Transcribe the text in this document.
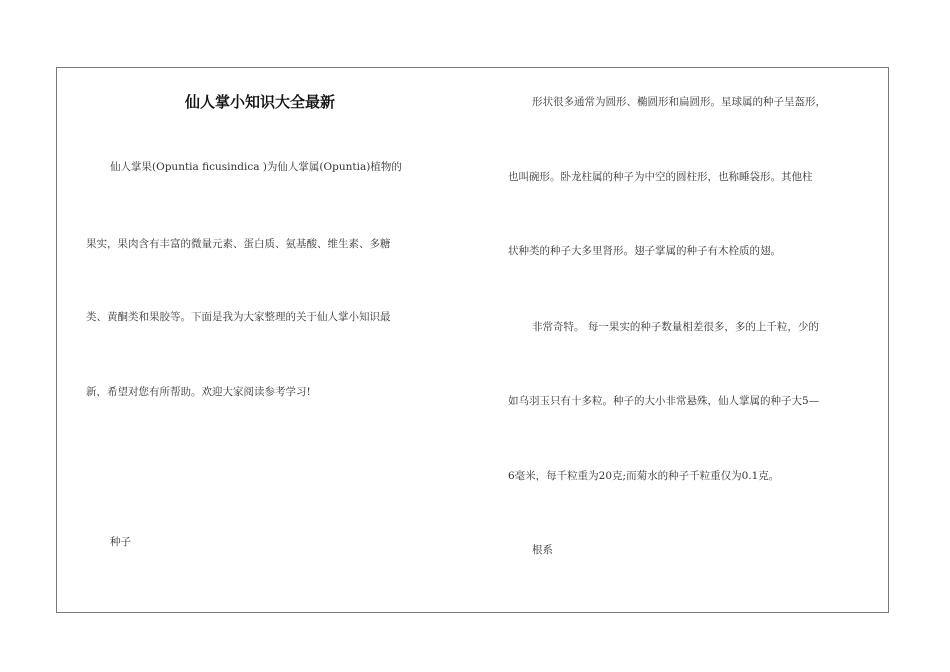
仙人掌小知识大全最新
仙人掌果(Opuntia ficusindica )为仙人掌属(Opuntia)植物的
果实，果肉含有丰富的微量元素、蛋白质、氨基酸、维生素、多糖
类、黄酮类和果胶等。下面是我为大家整理的关于仙人掌小知识最
新，希望对您有所帮助。欢迎大家阅读参考学习!
种子
形状很多通常为圆形、椭圆形和扁圆形。星球属的种子呈盔形，
也叫碗形。卧龙柱属的种子为中空的圆柱形，也称睡袋形。其他柱
状种类的种子大多里肾形。翅子掌属的种子有木栓质的翅。
非常奇特。 每一果实的种子数量相差很多，多的上千粒，少的
如乌羽玉只有十多粒。种子的大小非常悬殊，仙人掌属的种子大5—
6毫米，每千粒重为20克;而菊水的种子千粒重仅为0.1克。
根系
